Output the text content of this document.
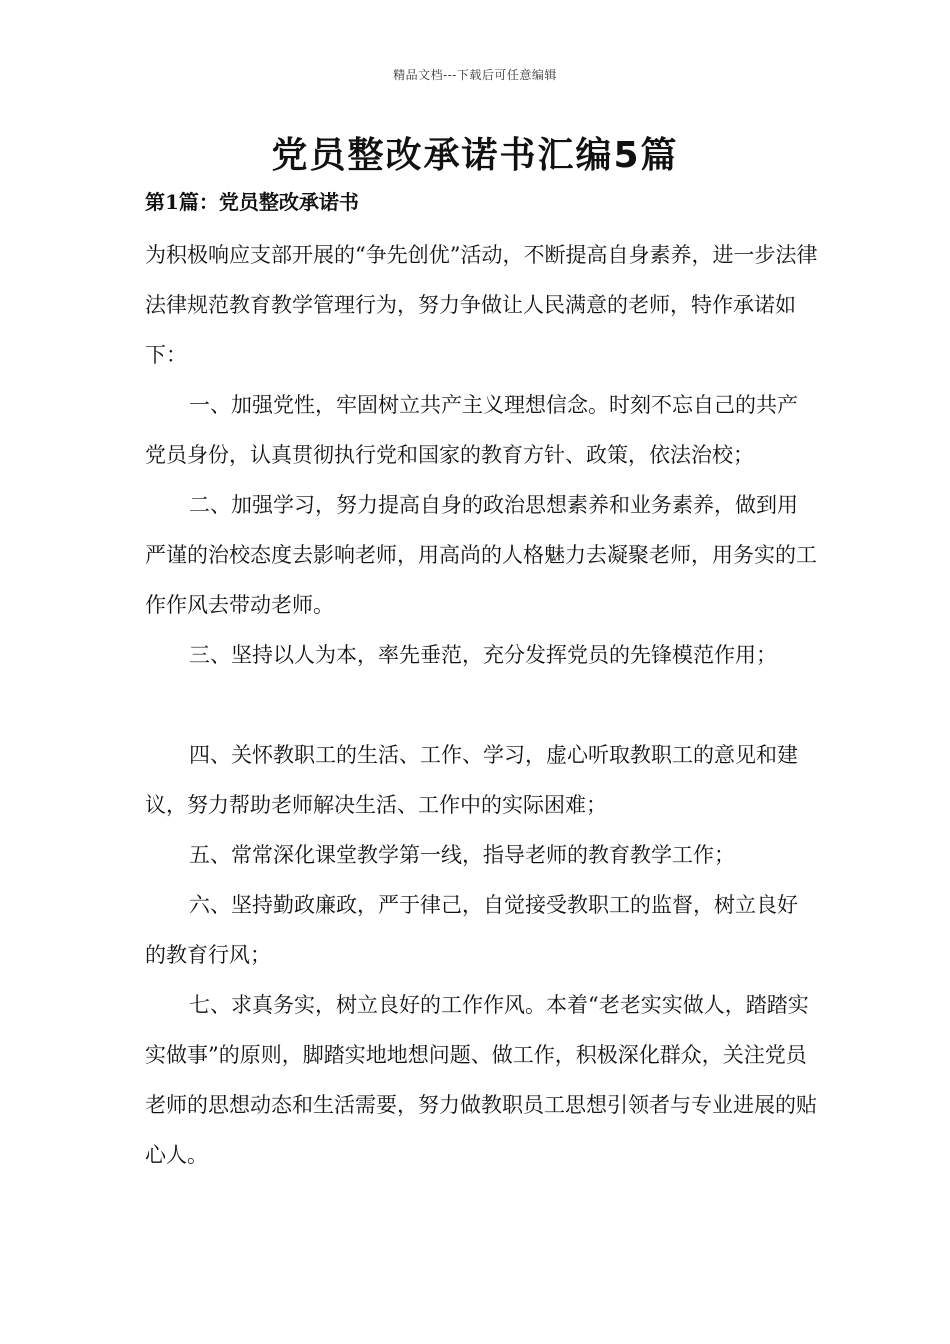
精品文档---下载后可任意编辑
党员整改承诺书汇编5篇
第1篇：党员整改承诺书

为积极响应支部开展的“争先创优”活动，不断提高自身素养，进一步法律法律规范教育教学管理行为，努力争做让人民满意的老师，特作承诺如下：

一、加强党性，牢固树立共产主义理想信念。时刻不忘自己的共产党员身份，认真贯彻执行党和国家的教育方针、政策，依法治校；

二、加强学习，努力提高自身的政治思想素养和业务素养，做到用严谨的治校态度去影响老师，用高尚的人格魅力去凝聚老师，用务实的工作作风去带动老师。

三、坚持以人为本，率先垂范，充分发挥党员的先锋模范作用；

四、关怀教职工的生活、工作、学习，虚心听取教职工的意见和建议，努力帮助老师解决生活、工作中的实际困难；

五、常常深化课堂教学第一线，指导老师的教育教学工作；

六、坚持勤政廉政，严于律己，自觉接受教职工的监督，树立良好的教育行风；

七、求真务实，树立良好的工作作风。本着“老老实实做人，踏踏实实做事”的原则，脚踏实地地想问题、做工作，积极深化群众，关注党员老师的思想动态和生活需要，努力做教职员工思想引领者与专业进展的贴心人。
